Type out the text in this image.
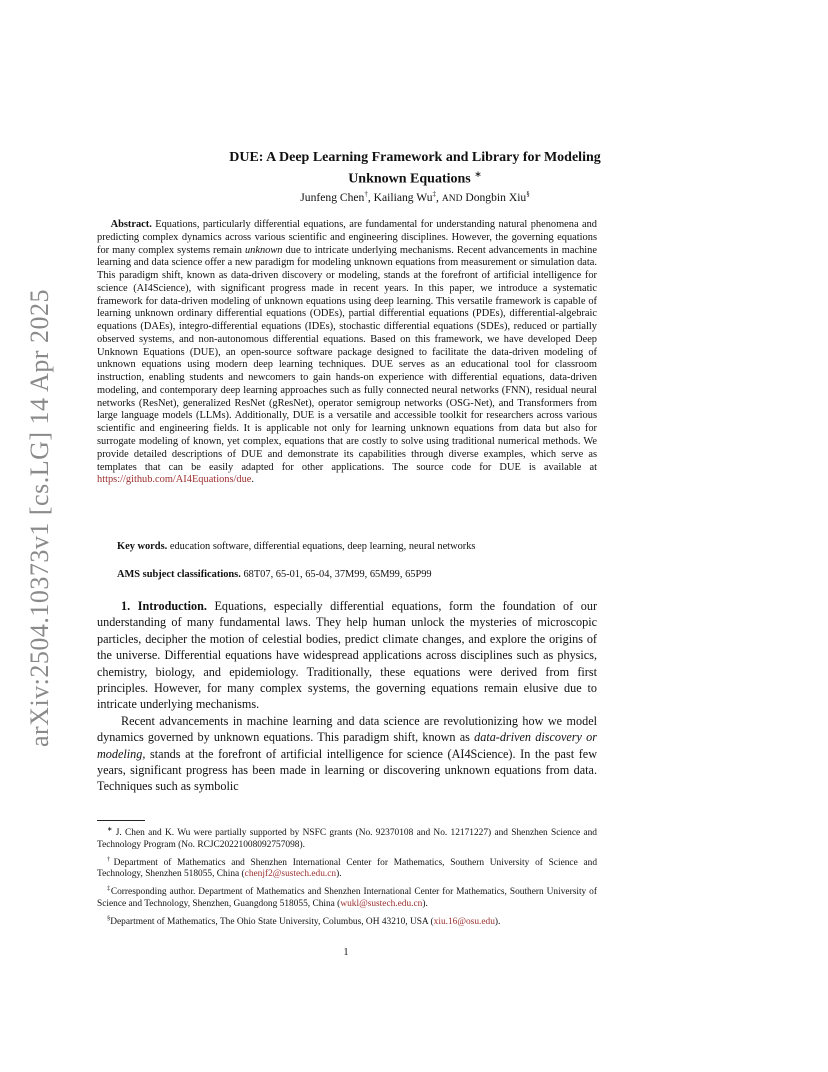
arXiv:2504.10373v1 [cs.LG] 14 Apr 2025
DUE: A Deep Learning Framework and Library for Modeling
Unknown Equations ∗
Junfeng Chen†, Kailiang Wu‡, AND Dongbin Xiu§
Abstract. Equations, particularly differential equations, are fundamental for understanding natural phenomena and predicting complex dynamics across various scientific and engineering disciplines. However, the governing equations for many complex systems remain unknown due to intricate underlying mechanisms. Recent advancements in machine learning and data science offer a new paradigm for modeling unknown equations from measurement or simulation data. This paradigm shift, known as data-driven discovery or modeling, stands at the forefront of artificial intelligence for science (AI4Science), with significant progress made in recent years. In this paper, we introduce a systematic framework for data-driven modeling of unknown equations using deep learning. This versatile framework is capable of learning unknown ordinary differential equations (ODEs), partial differential equations (PDEs), differential-algebraic equations (DAEs), integro-differential equations (IDEs), stochastic differential equations (SDEs), reduced or partially observed systems, and non-autonomous differential equations. Based on this framework, we have developed Deep Unknown Equations (DUE), an open-source software package designed to facilitate the data-driven modeling of unknown equations using modern deep learning techniques. DUE serves as an educational tool for classroom instruction, enabling students and newcomers to gain hands-on experience with differential equations, data-driven modeling, and contemporary deep learning approaches such as fully connected neural networks (FNN), residual neural networks (ResNet), generalized ResNet (gResNet), operator semigroup networks (OSG-Net), and Transformers from large language models (LLMs). Additionally, DUE is a versatile and accessible toolkit for researchers across various scientific and engineering fields. It is applicable not only for learning unknown equations from data but also for surrogate modeling of known, yet complex, equations that are costly to solve using traditional numerical methods. We provide detailed descriptions of DUE and demonstrate its capabilities through diverse examples, which serve as templates that can be easily adapted for other applications. The source code for DUE is available at https://github.com/AI4Equations/due.
Key words. education software, differential equations, deep learning, neural networks
AMS subject classifications. 68T07, 65-01, 65-04, 37M99, 65M99, 65P99

1. Introduction. Equations, especially differential equations, form the foundation of our understanding of many fundamental laws. They help human unlock the mysteries of microscopic particles, decipher the motion of celestial bodies, predict climate changes, and explore the origins of the universe. Differential equations have widespread applications across disciplines such as physics, chemistry, biology, and epidemiology. Traditionally, these equations were derived from first principles. However, for many complex systems, the governing equations remain elusive due to intricate underlying mechanisms.

Recent advancements in machine learning and data science are revolutionizing how we model dynamics governed by unknown equations. This paradigm shift, known as data-driven discovery or modeling, stands at the forefront of artificial intelligence for science (AI4Science). In the past few years, significant progress has been made in learning or discovering unknown equations from data. Techniques such as symbolic

∗ J. Chen and K. Wu were partially supported by NSFC grants (No. 92370108 and No. 12171227) and Shenzhen Science and Technology Program (No. RCJC20221008092757098).

†Department of Mathematics and Shenzhen International Center for Mathematics, Southern University of Science and Technology, Shenzhen 518055, China (chenjf2@sustech.edu.cn).

‡Corresponding author. Department of Mathematics and Shenzhen International Center for Mathematics, Southern University of Science and Technology, Shenzhen, Guangdong 518055, China (wukl@sustech.edu.cn).

§Department of Mathematics, The Ohio State University, Columbus, OH 43210, USA (xiu.16@osu.edu).

1
